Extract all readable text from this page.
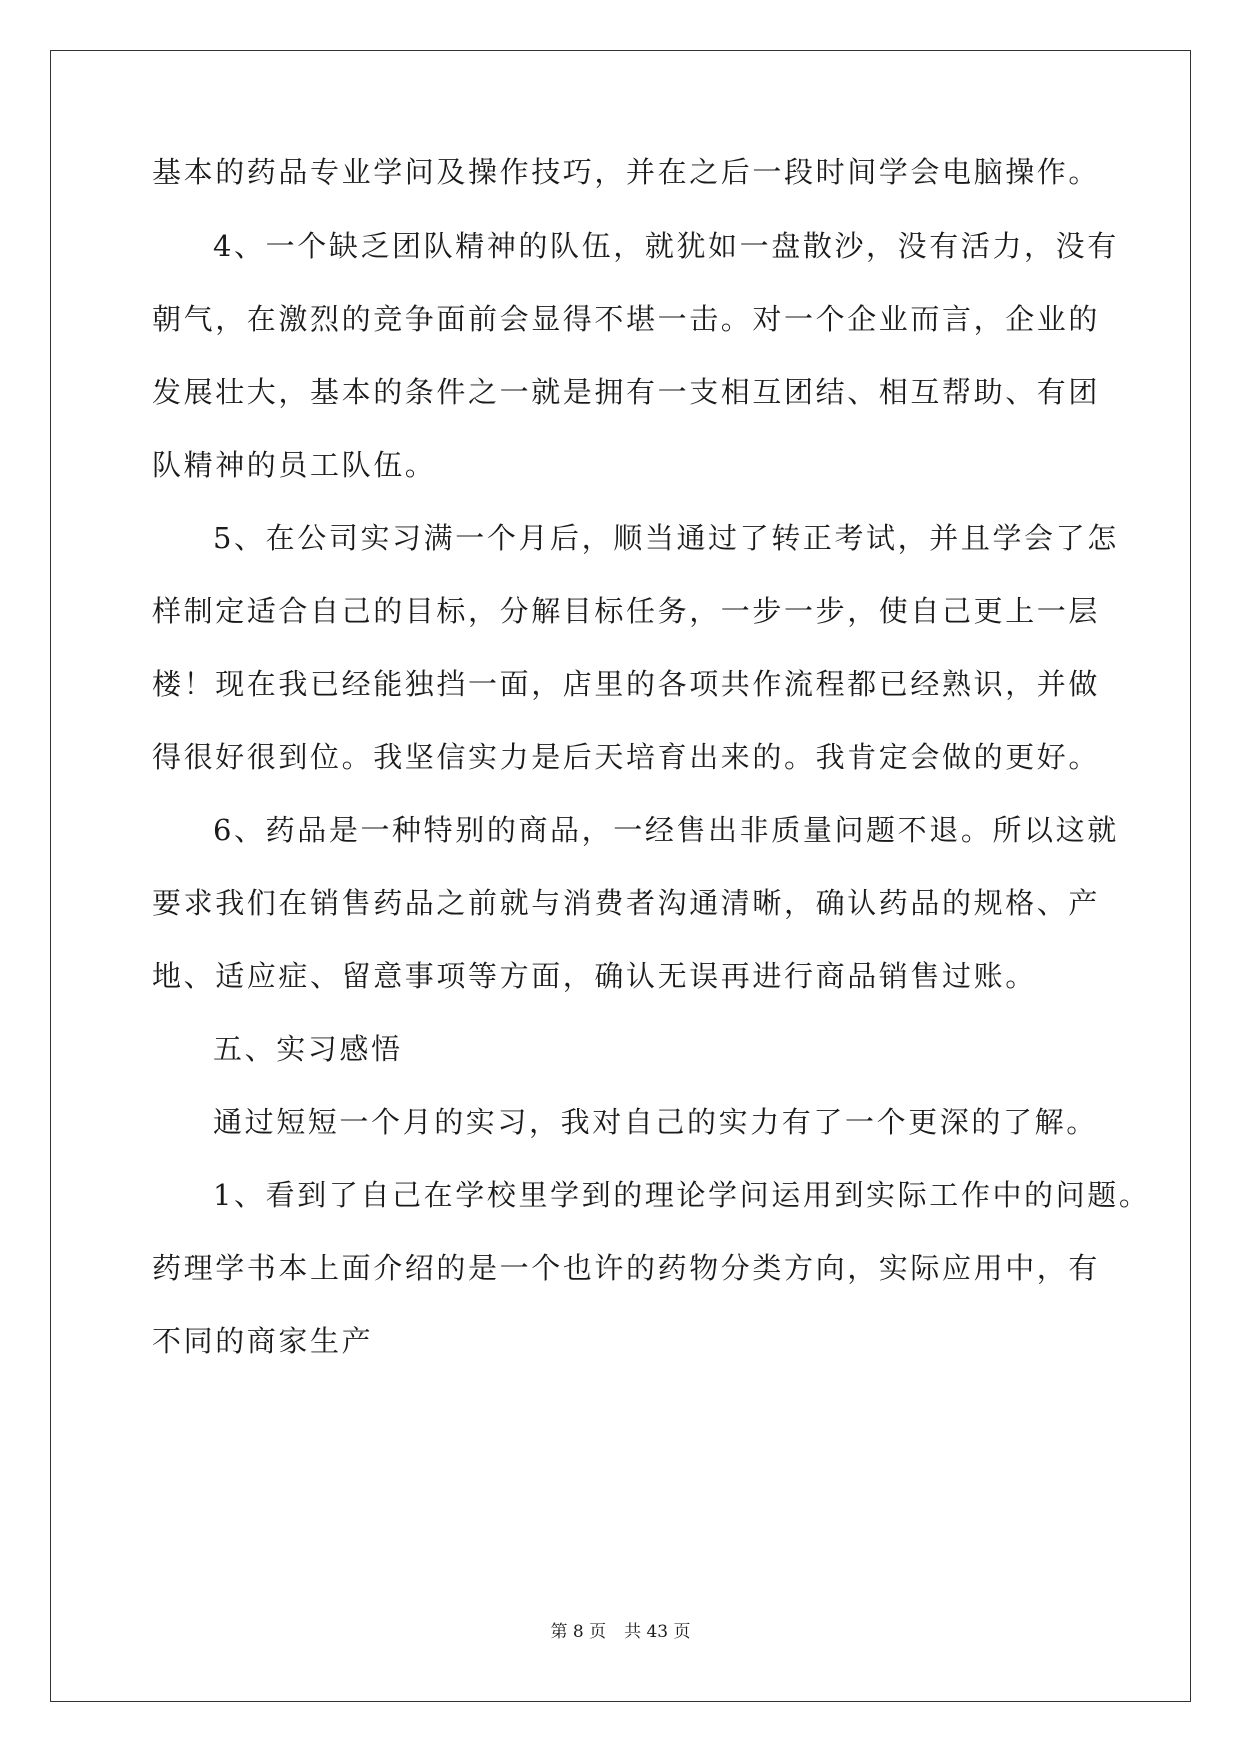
基本的药品专业学问及操作技巧，并在之后一段时间学会电脑操作。
4、一个缺乏团队精神的队伍，就犹如一盘散沙，没有活力，没有
朝气，在激烈的竞争面前会显得不堪一击。对一个企业而言，企业的
发展壮大，基本的条件之一就是拥有一支相互团结、相互帮助、有团
队精神的员工队伍。
5、在公司实习满一个月后，顺当通过了转正考试，并且学会了怎
样制定适合自己的目标，分解目标任务，一步一步，使自己更上一层
楼！现在我已经能独挡一面，店里的各项共作流程都已经熟识，并做
得很好很到位。我坚信实力是后天培育出来的。我肯定会做的更好。
6、药品是一种特别的商品，一经售出非质量问题不退。所以这就
要求我们在销售药品之前就与消费者沟通清晰，确认药品的规格、产
地、适应症、留意事项等方面，确认无误再进行商品销售过账。
五、实习感悟
通过短短一个月的实习，我对自己的实力有了一个更深的了解。
1、看到了自己在学校里学到的理论学问运用到实际工作中的问题。
药理学书本上面介绍的是一个也许的药物分类方向，实际应用中，有
不同的商家生产
第 8 页 共 43 页
